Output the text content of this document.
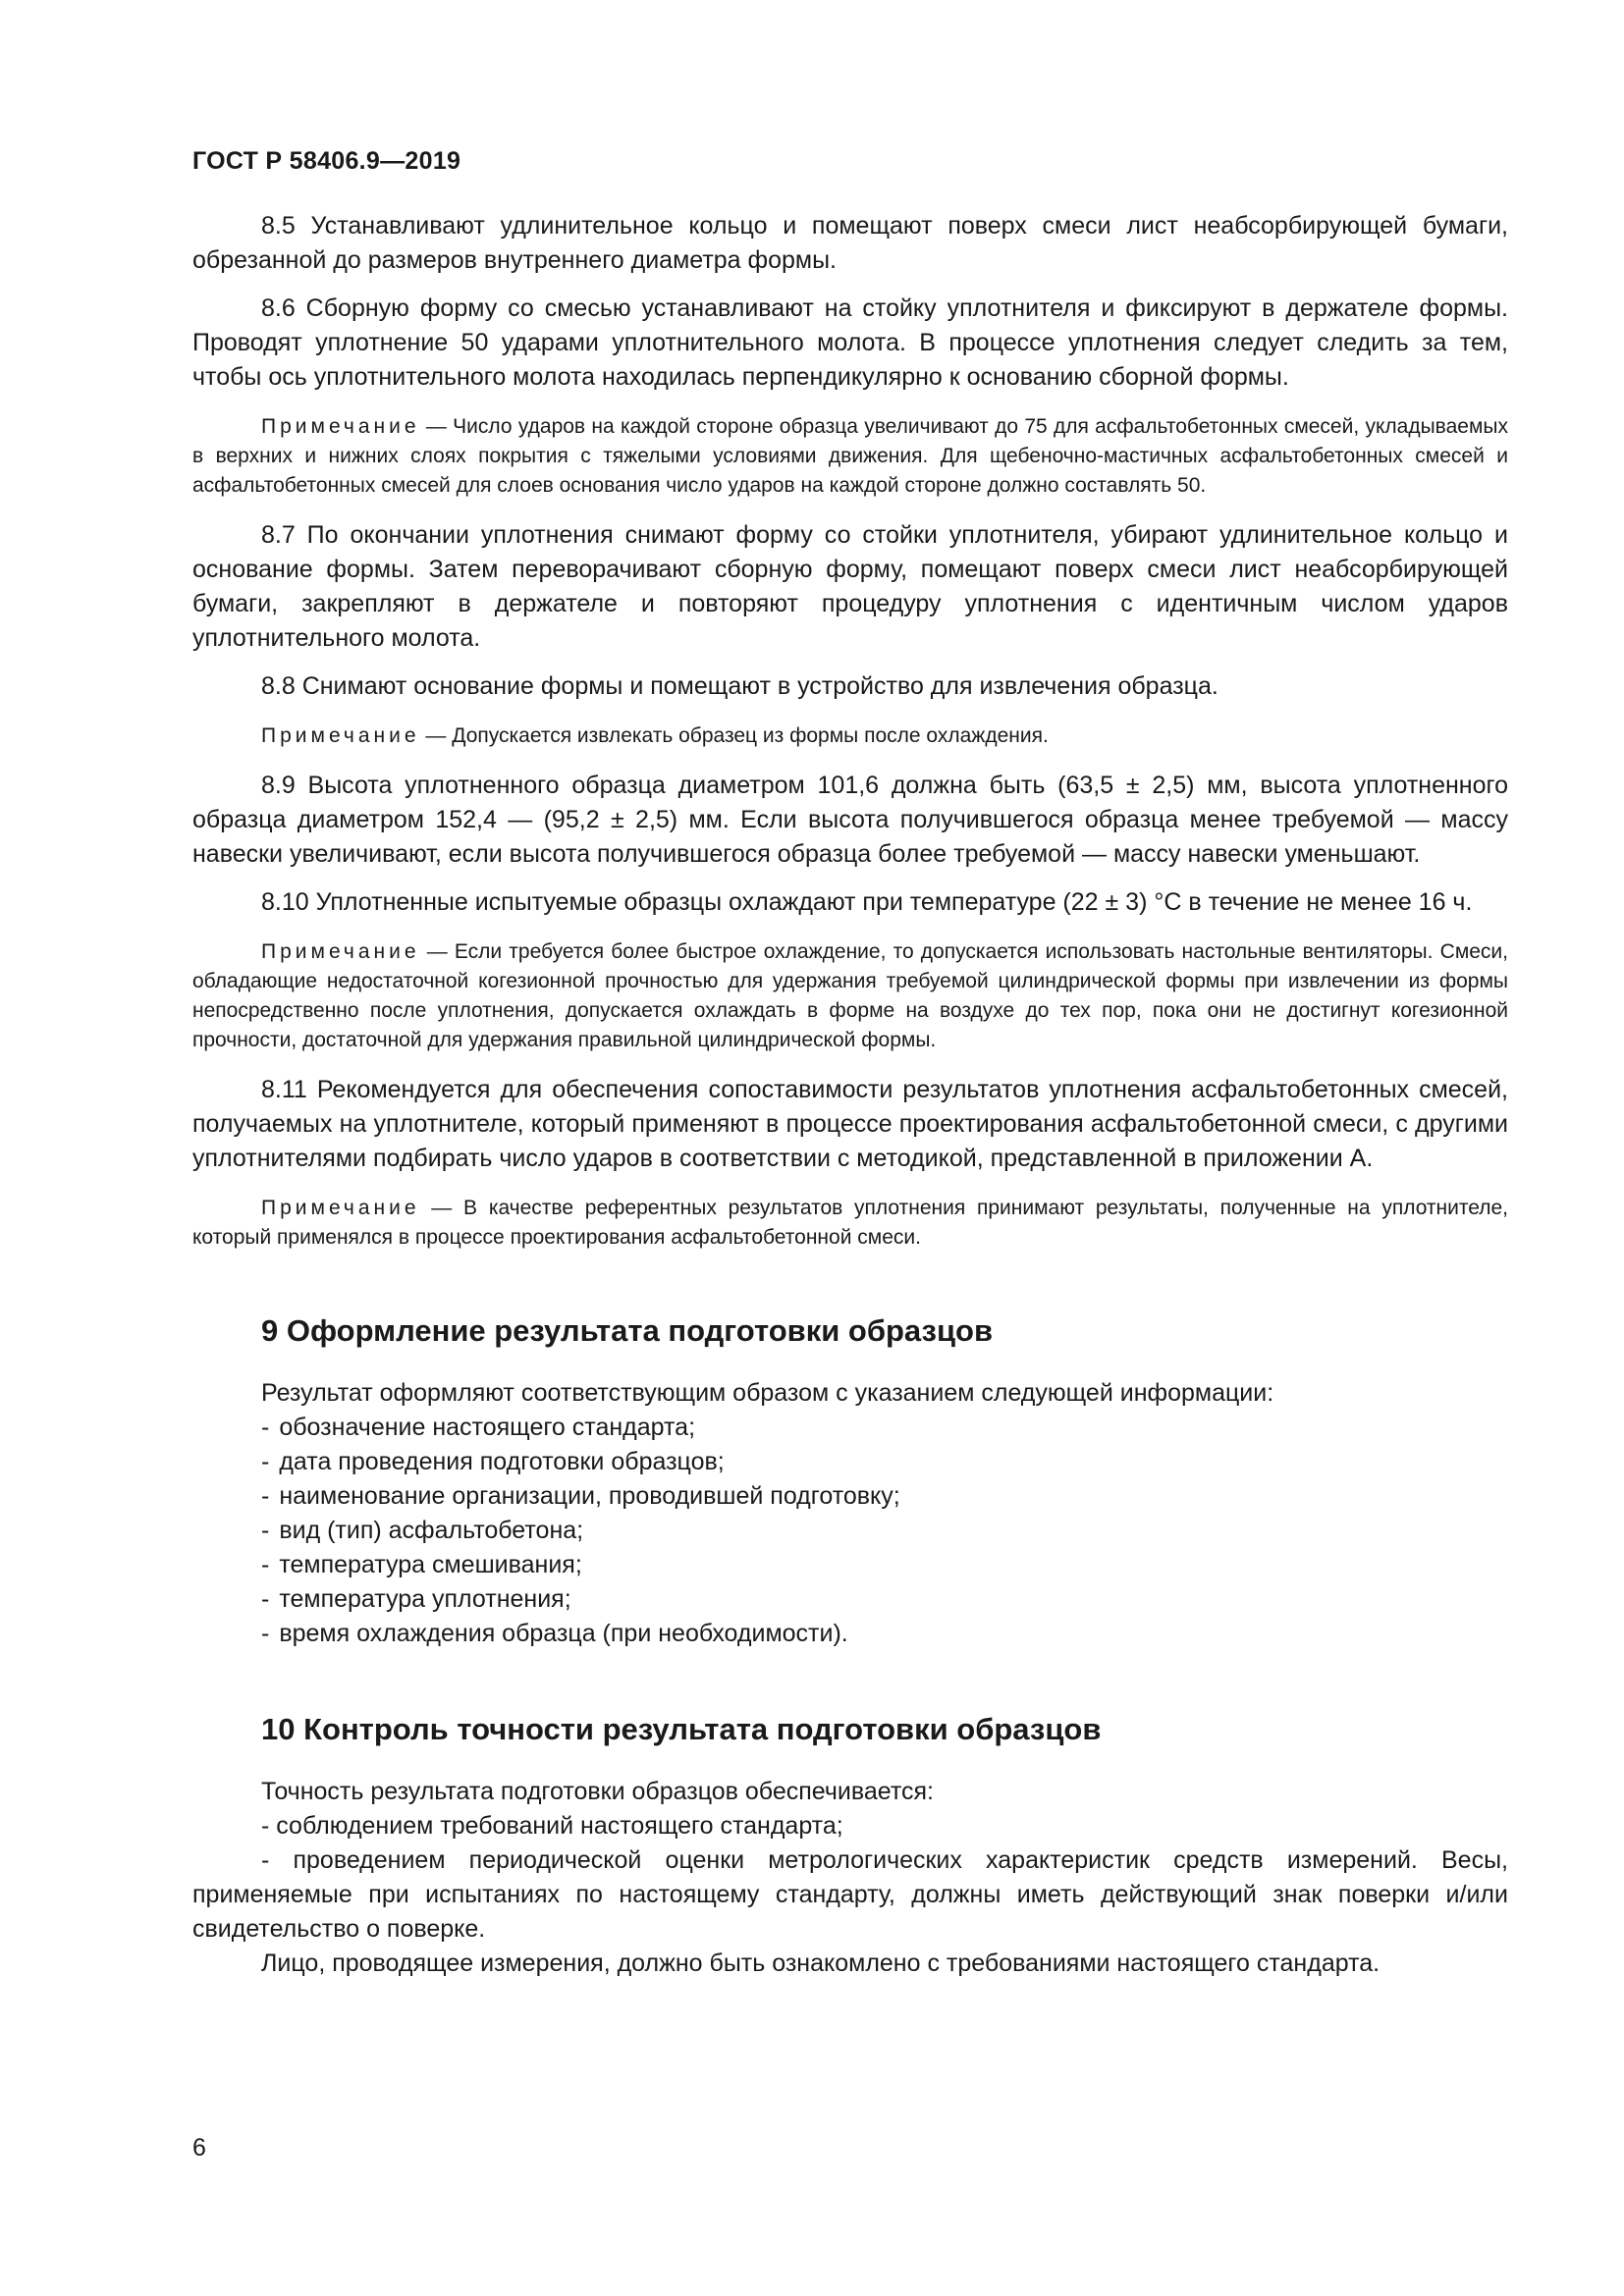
ГОСТ Р 58406.9—2019

8.5 Устанавливают удлинительное кольцо и помещают поверх смеси лист неабсорбирующей бумаги, обрезанной до размеров внутреннего диаметра формы.

8.6 Сборную форму со смесью устанавливают на стойку уплотнителя и фиксируют в держателе формы. Проводят уплотнение 50 ударами уплотнительного молота. В процессе уплотнения следует следить за тем, чтобы ось уплотнительного молота находилась перпендикулярно к основанию сборной формы.

Примечание — Число ударов на каждой стороне образца увеличивают до 75 для асфальтобетонных смесей, укладываемых в верхних и нижних слоях покрытия с тяжелыми условиями движения. Для щебеночно-мастичных асфальтобетонных смесей и асфальтобетонных смесей для слоев основания число ударов на каждой стороне должно составлять 50.

8.7 По окончании уплотнения снимают форму со стойки уплотнителя, убирают удлинительное кольцо и основание формы. Затем переворачивают сборную форму, помещают поверх смеси лист неабсорбирующей бумаги, закрепляют в держателе и повторяют процедуру уплотнения с идентичным числом ударов уплотнительного молота.

8.8 Снимают основание формы и помещают в устройство для извлечения образца.

Примечание — Допускается извлекать образец из формы после охлаждения.

8.9 Высота уплотненного образца диаметром 101,6 должна быть (63,5 ± 2,5) мм, высота уплотненного образца диаметром 152,4 — (95,2 ± 2,5) мм. Если высота получившегося образца менее требуемой — массу навески увеличивают, если высота получившегося образца более требуемой — массу навески уменьшают.

8.10 Уплотненные испытуемые образцы охлаждают при температуре (22 ± 3) °С в течение не менее 16 ч.

Примечание — Если требуется более быстрое охлаждение, то допускается использовать настольные вентиляторы. Смеси, обладающие недостаточной когезионной прочностью для удержания требуемой цилиндрической формы при извлечении из формы непосредственно после уплотнения, допускается охлаждать в форме на воздухе до тех пор, пока они не достигнут когезионной прочности, достаточной для удержания правильной цилиндрической формы.

8.11 Рекомендуется для обеспечения сопоставимости результатов уплотнения асфальтобетонных смесей, получаемых на уплотнителе, который применяют в процессе проектирования асфальтобетонной смеси, с другими уплотнителями подбирать число ударов в соответствии с методикой, представленной в приложении А.

Примечание — В качестве референтных результатов уплотнения принимают результаты, полученные на уплотнителе, который применялся в процессе проектирования асфальтобетонной смеси.

9 Оформление результата подготовки образцов

Результат оформляют соответствующим образом с указанием следующей информации:

- обозначение настоящего стандарта;
- дата проведения подготовки образцов;
- наименование организации, проводившей подготовку;
- вид (тип) асфальтобетона;
- температура смешивания;
- температура уплотнения;
- время охлаждения образца (при необходимости).
10 Контроль точности результата подготовки образцов

Точность результата подготовки образцов обеспечивается:

- соблюдением требований настоящего стандарта;

- проведением периодической оценки метрологических характеристик средств измерений. Весы, применяемые при испытаниях по настоящему стандарту, должны иметь действующий знак поверки и/или свидетельство о поверке.

Лицо, проводящее измерения, должно быть ознакомлено с требованиями настоящего стандарта.

6
